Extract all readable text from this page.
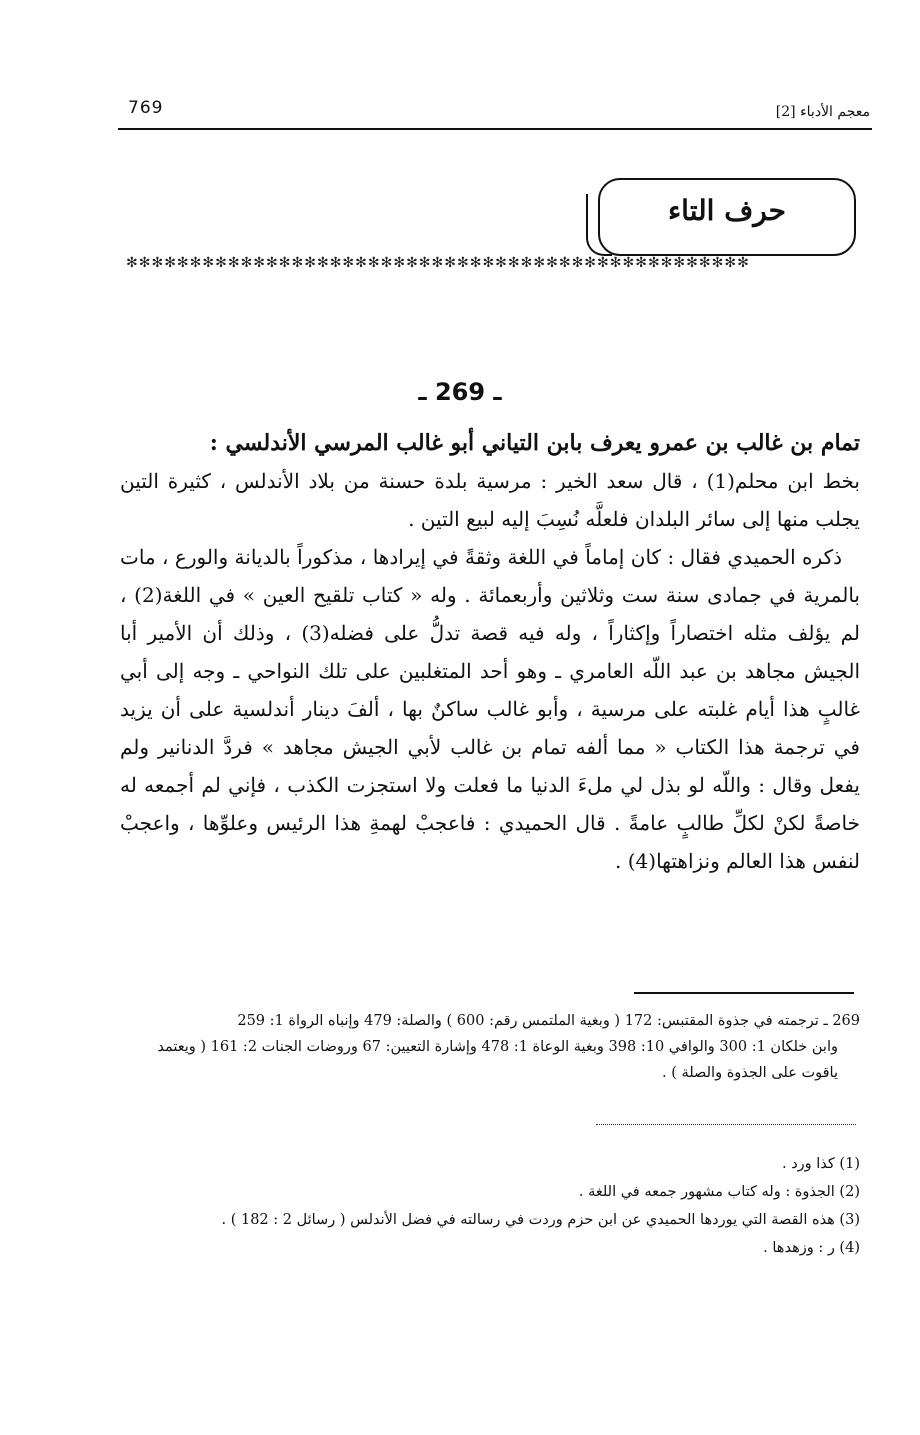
769	معجم الأدباء [2]
حرف التاء
✻✻✻✻✻✻✻✻✻✻✻✻✻✻✻✻✻✻✻✻✻✻✻✻✻✻✻✻✻✻✻✻✻✻✻✻✻✻✻✻✻✻✻✻✻✻✻✻✻
ـ 269 ـ

تمام بن غالب بن عمرو يعرف بابن التياني أبو غالب المرسي الأندلسي :

بخط ابن محلم(1) ، قال سعد الخير : مرسية بلدة حسنة من بلاد الأندلس ، كثيرة التين يجلب منها إلى سائر البلدان فلعلَّه نُسِبَ إليه لبيع التين .

ذكره الحميدي فقال : كان إماماً في اللغة وثقةً في إيرادها ، مذكوراً بالديانة والورع ، مات بالمرية في جمادى سنة ست وثلاثين وأربعمائة . وله « كتاب تلقيح العين » في اللغة(2) ، لم يؤلف مثله اختصاراً وإكثاراً ، وله فيه قصة تدلُّ على فضله(3) ، وذلك أن الأمير أبا الجيش مجاهد بن عبد اللّه العامري ـ وهو أحد المتغلبين على تلك النواحي ـ وجه إلى أبي غالبٍ هذا أيام غلبته على مرسية ، وأبو غالب ساكنٌ بها ، ألفَ دينار أندلسية على أن يزيد في ترجمة هذا الكتاب « مما ألفه تمام بن غالب لأبي الجيش مجاهد » فردَّ الدنانير ولم يفعل وقال : واللّه لو بذل لي ملءَ الدنيا ما فعلت ولا استجزت الكذب ، فإني لم أجمعه له خاصةً لكنْ لكلِّ طالبٍ عامةً . قال الحميدي : فاعجبْ لهمةِ هذا الرئيس وعلوِّها ، واعجبْ لنفس هذا العالم ونزاهتها(4) .

269 ـ ترجمته في جذوة المقتبس: 172 ( وبغية الملتمس رقم: 600 ) والصلة: 479 وإنباه الرواة 1: 259

وابن خلكان 1: 300 والوافي 10: 398 وبغية الوعاة 1: 478 وإشارة التعيين: 67 وروضات الجنات 2: 161 ( ويعتمد ياقوت على الجذوة والصلة ) .

(1) كذا ورد .

(2) الجذوة : وله كتاب مشهور جمعه في اللغة .

(3) هذه القصة التي يوردها الحميدي عن ابن حزم وردت في رسالته في فضل الأندلس ( رسائل 2 : 182 ) .

(4) ر : وزهدها .
